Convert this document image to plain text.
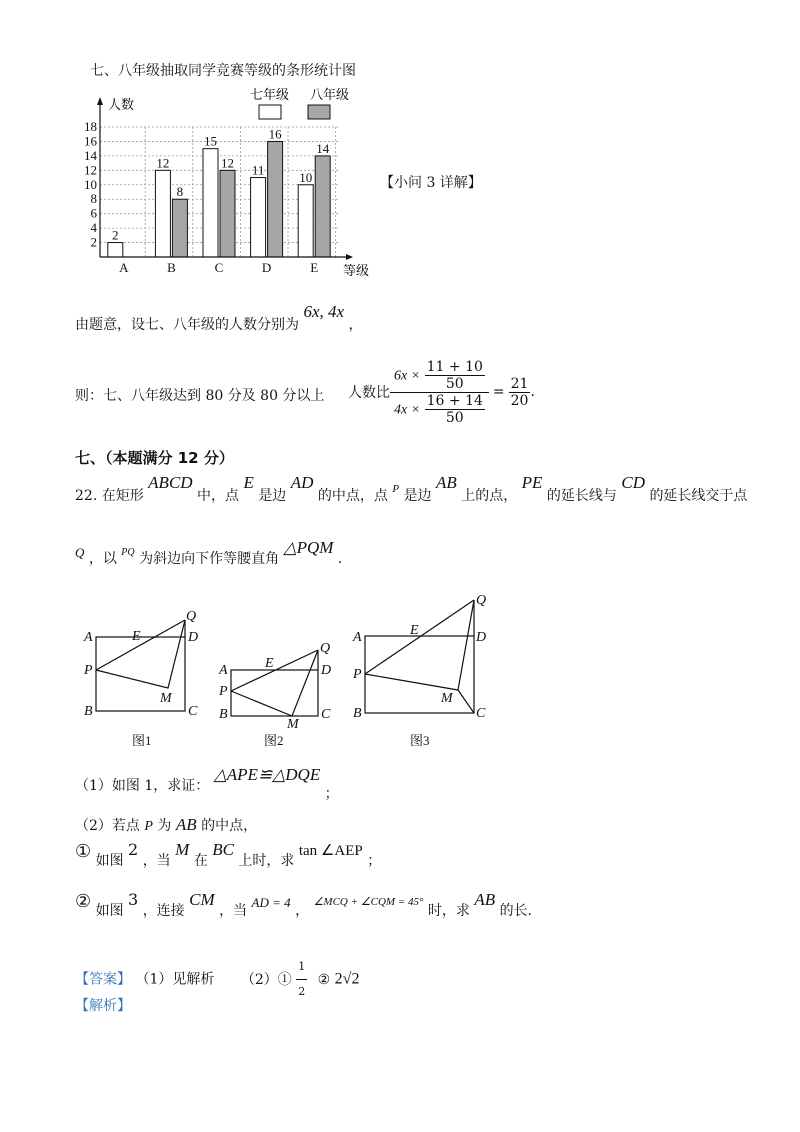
七、八年级抽取同学竞赛等级的条形统计图
2
4
6
8
10
12
14
16
18
A	B	C	D	E
2
12
8
15
12 11
16
10
14
人数
等级
七年级 八年级
【小问 3 详解】
由题意，设七、八年级的人数分别为 6x, 4x ，
则：七、八年级达到 80 分及 80 分以上 人数比 $\frac{6x \times \frac{11 + 10}{50}}{4x \times \frac{16 + 14}{50}} = \frac{21}{20}$ .
七、（本题满分 12 分）
22. 在矩形 ABCD 中，点 E 是边 AD 的中点，点 $^P$ 是边 AB 上的点， PE 的延长线与 CD 的延长线交于点
Q ，以 $^{PQ}$ 为斜边向下作等腰直角 △PQM .
A
P
B	C
D
E
Q
M
A
P
B	C
D
E
Q
M
A
P
B	C
D
E
Q
M
图1	图2	图3
（1）如图 1，求证： △APE≌△DQE ；
（2）若点 P 为 AB 的中点，
① 如图 2 ，当 M 在 BC 上时，求 tan ∠AEP ；
② 如图 3 ，连接 CM ，当 AD = 4 ， $^{\angle MCQ + \angle CQM = 45^\circ}$ 时，求 AB 的长.
【答案】 （1）见解析 （2）① $\frac{1}{2}$ ② 2√2
【解析】
